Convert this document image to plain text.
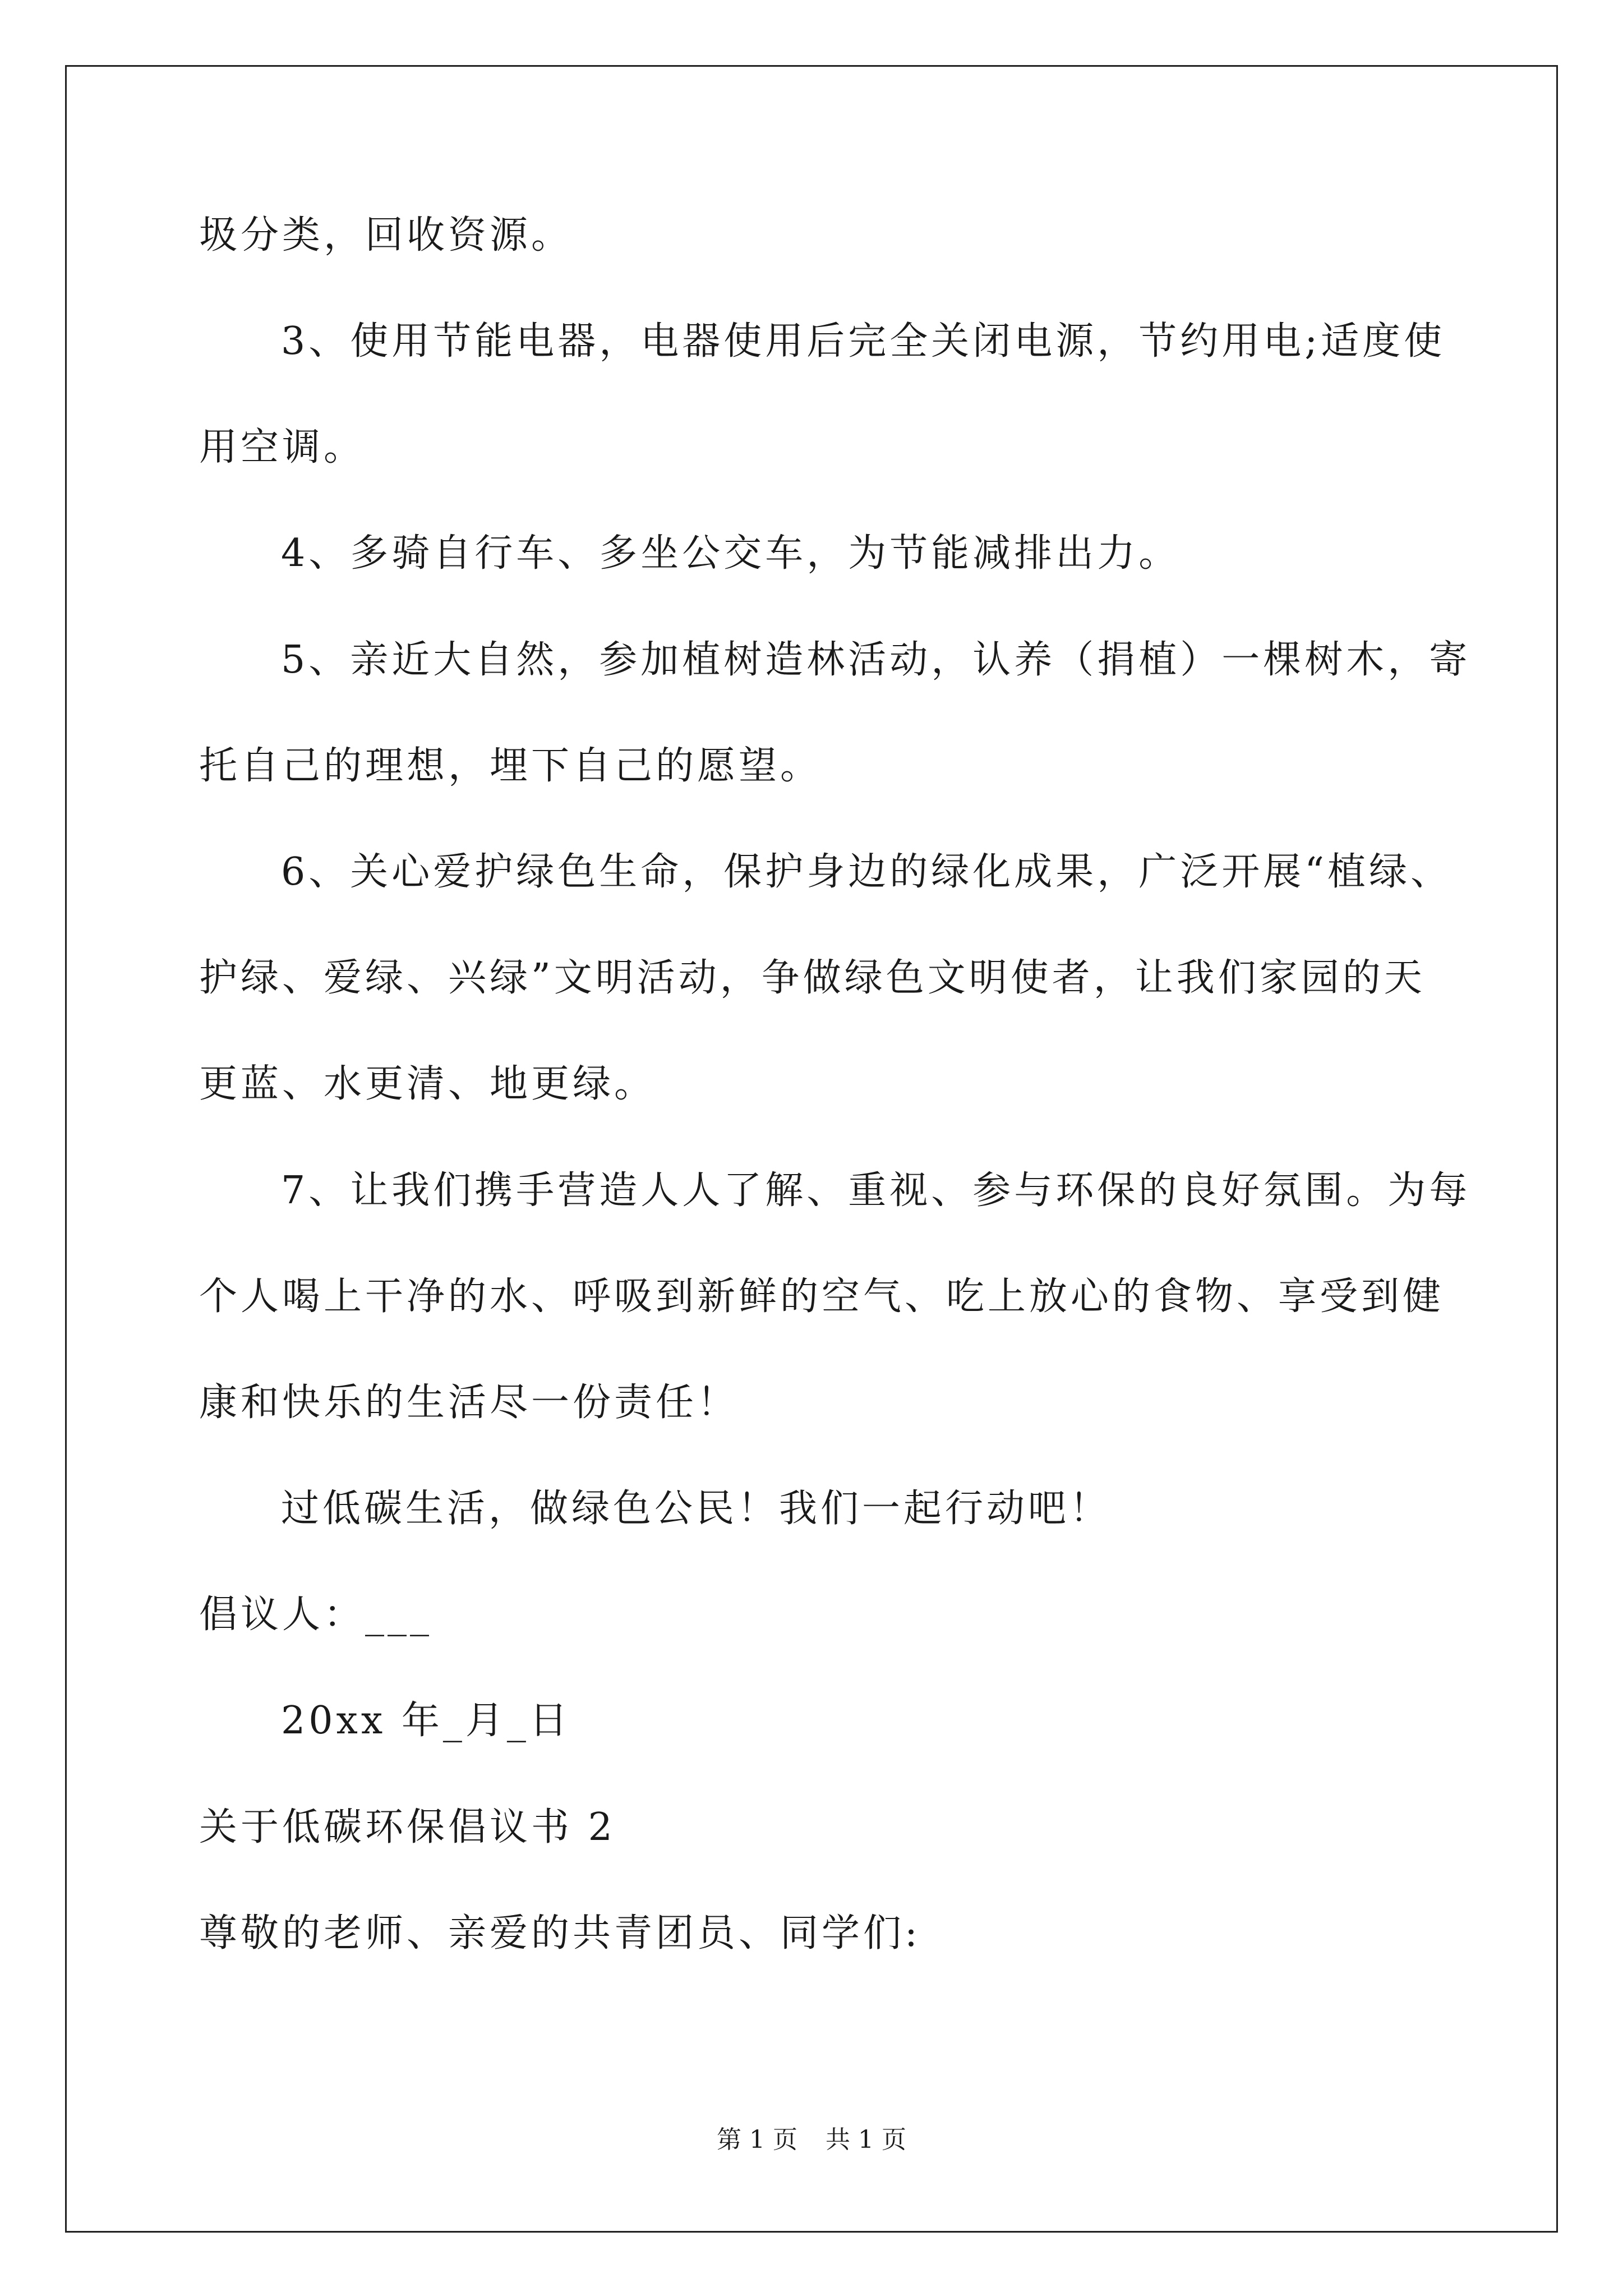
圾分类，回收资源。
3、使用节能电器，电器使用后完全关闭电源，节约用电;适度使
用空调。
4、多骑自行车、多坐公交车，为节能减排出力。
5、亲近大自然，参加植树造林活动，认养（捐植）一棵树木，寄
托自己的理想，埋下自己的愿望。
6、关心爱护绿色生命，保护身边的绿化成果，广泛开展“植绿、
护绿、爱绿、兴绿”文明活动，争做绿色文明使者，让我们家园的天
更蓝、水更清、地更绿。
7、让我们携手营造人人了解、重视、参与环保的良好氛围。为每
个人喝上干净的水、呼吸到新鲜的空气、吃上放心的食物、享受到健
康和快乐的生活尽一份责任！
过低碳生活，做绿色公民！我们一起行动吧！
倡议人：___
20xx 年_月_日
关于低碳环保倡议书 2
尊敬的老师、亲爱的共青团员、同学们:
第 1 页 共 1 页
